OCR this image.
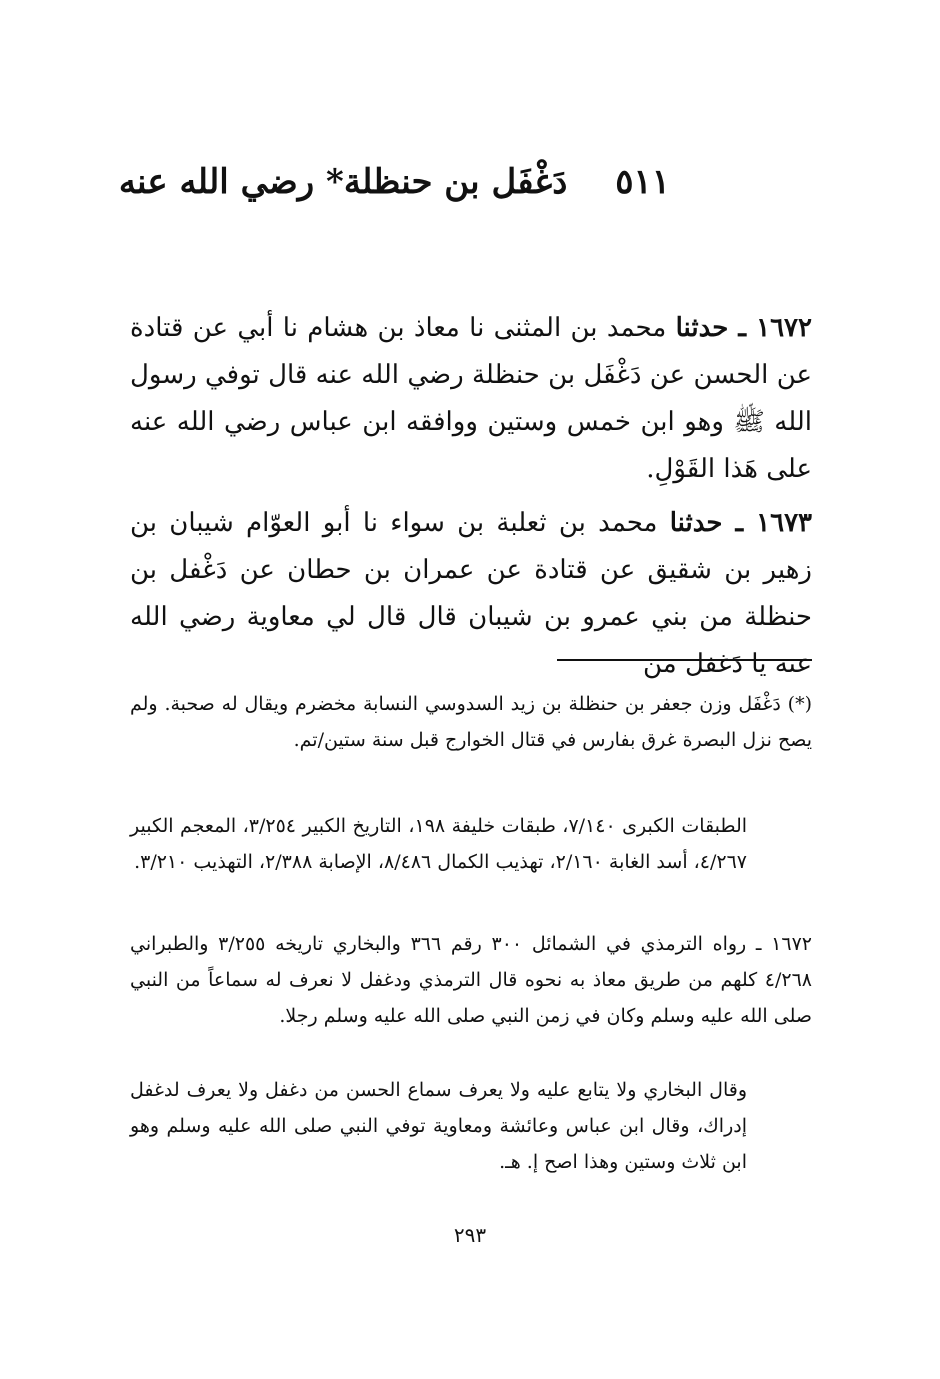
٥١١ دَغْفَل بن حنظلة* رضي الله عنه
١٦٧٢ ـ حدثنا محمد بن المثنى نا معاذ بن هشام نا أبي عن قتادة عن الحسن عن دَغْفَل بن حنظلة رضي الله عنه قال توفي رسول الله ﷺ وهو ابن خمس وستين ووافقه ابن عباس رضي الله عنه على هَذا القَوْلِ.
١٦٧٣ ـ حدثنا محمد بن ثعلبة بن سواء نا أبو العوّام شيبان بن زهير بن شقيق عن قتادة عن عمران بن حطان عن دَغْفل بن حنظلة من بني عمرو بن شيبان قال قال لي معاوية رضي الله عنه يا دَغفل من
(*) دَغْفَل وزن جعفر بن حنظلة بن زيد السدوسي النسابة مخضرم ويقال له صحبة. ولم يصح نزل البصرة غرق بفارس في قتال الخوارج قبل سنة ستين/تم.
الطبقات الكبرى ٧/١٤٠، طبقات خليفة ١٩٨، التاريخ الكبير ٣/٢٥٤، المعجم الكبير ٤/٢٦٧، أسد الغابة ٢/١٦٠، تهذيب الكمال ٨/٤٨٦، الإصابة ٢/٣٨٨، التهذيب ٣/٢١٠.
١٦٧٢ ـ رواه الترمذي في الشمائل ٣٠٠ رقم ٣٦٦ والبخاري تاريخه ٣/٢٥٥ والطبراني ٤/٢٦٨ كلهم من طريق معاذ به نحوه قال الترمذي ودغفل لا نعرف له سماعاً من النبي صلى الله عليه وسلم وكان في زمن النبي صلى الله عليه وسلم رجلا.
وقال البخاري ولا يتابع عليه ولا يعرف سماع الحسن من دغفل ولا يعرف لدغفل إدراك، وقال ابن عباس وعائشة ومعاوية توفي النبي صلى الله عليه وسلم وهو ابن ثلاث وستين وهذا اصح إ. هـ.
٢٩٣
